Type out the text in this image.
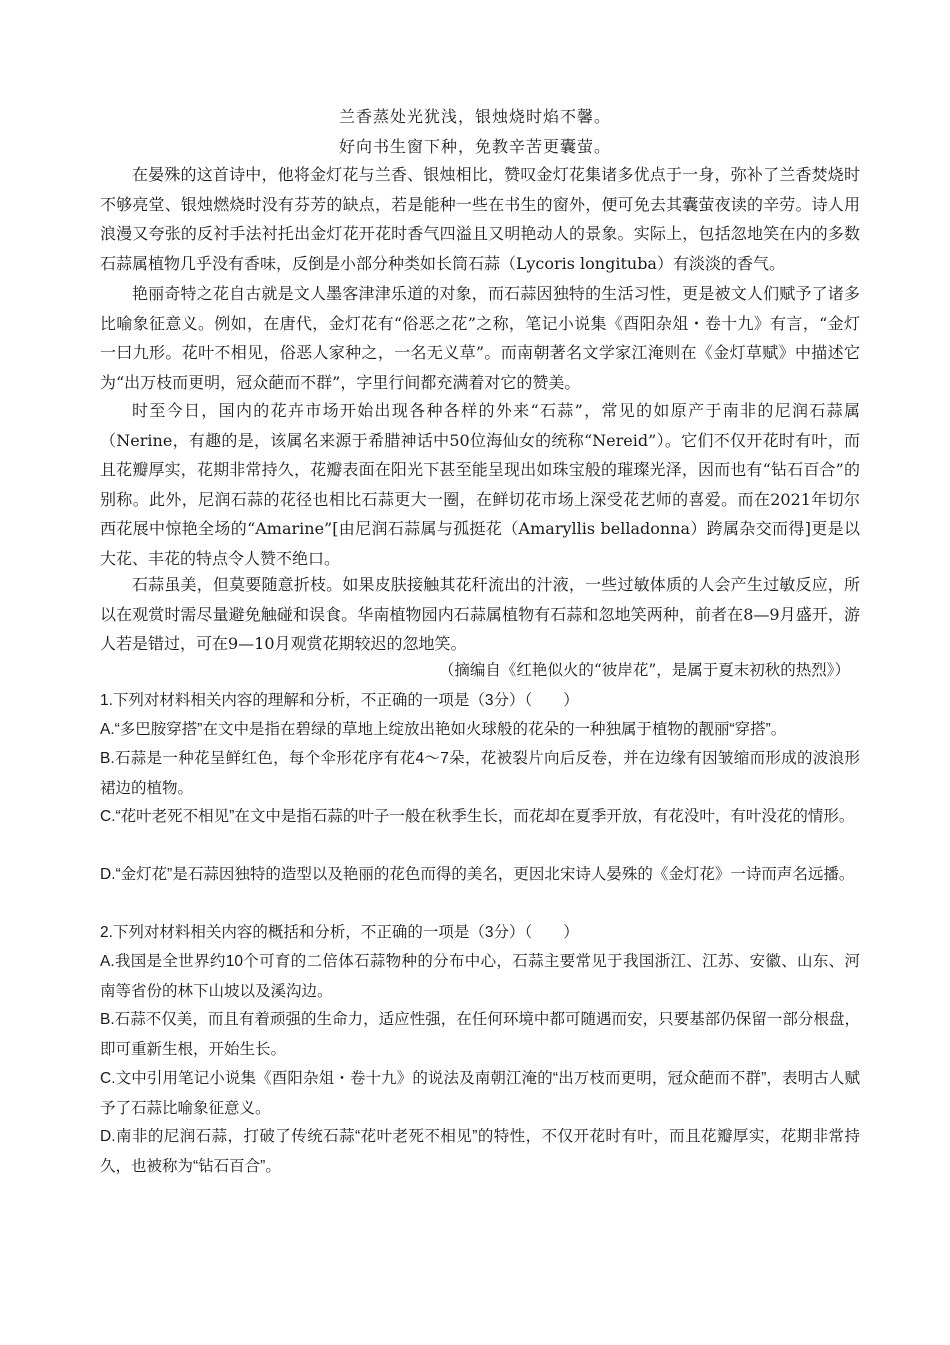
兰香蒸处光犹浅，银烛烧时焰不馨。
好向书生窗下种，免教辛苦更囊萤。
在晏殊的这首诗中，他将金灯花与兰香、银烛相比，赞叹金灯花集诸多优点于一身，弥补了兰香焚烧时不够亮堂、银烛燃烧时没有芬芳的缺点，若是能种一些在书生的窗外，便可免去其囊萤夜读的辛劳。诗人用浪漫又夸张的反衬手法衬托出金灯花开花时香气四溢且又明艳动人的景象。实际上，包括忽地笑在内的多数石蒜属植物几乎没有香味，反倒是小部分种类如长筒石蒜（Lycoris longituba）有淡淡的香气。
艳丽奇特之花自古就是文人墨客津津乐道的对象，而石蒜因独特的生活习性，更是被文人们赋予了诸多比喻象征意义。例如，在唐代，金灯花有“俗恶之花”之称，笔记小说集《酉阳杂俎・卷十九》有言，“金灯一曰九形。花叶不相见，俗恶人家种之，一名无义草”。而南朝著名文学家江淹则在《金灯草赋》中描述它为“出万枝而更明，冠众葩而不群”，字里行间都充满着对它的赞美。
时至今日，国内的花卉市场开始出现各种各样的外来“石蒜”，常见的如原产于南非的尼润石蒜属（Nerine，有趣的是，该属名来源于希腊神话中50位海仙女的统称“Nereid”）。它们不仅开花时有叶，而且花瓣厚实，花期非常持久，花瓣表面在阳光下甚至能呈现出如珠宝般的璀璨光泽，因而也有“钻石百合”的别称。此外，尼润石蒜的花径也相比石蒜更大一圈，在鲜切花市场上深受花艺师的喜爱。而在2021年切尔西花展中惊艳全场的“Amarine”[由尼润石蒜属与孤挺花（Amaryllis belladonna）跨属杂交而得]更是以大花、丰花的特点令人赞不绝口。
石蒜虽美，但莫要随意折枝。如果皮肤接触其花秆流出的汁液，一些过敏体质的人会产生过敏反应，所以在观赏时需尽量避免触碰和误食。华南植物园内石蒜属植物有石蒜和忽地笑两种，前者在8—9月盛开，游人若是错过，可在9—10月观赏花期较迟的忽地笑。
（摘编自《红艳似火的“彼岸花”，是属于夏末初秋的热烈》）
1.下列对材料相关内容的理解和分析，不正确的一项是（3分）（　　）
A.“多巴胺穿搭”在文中是指在碧绿的草地上绽放出艳如火球般的花朵的一种独属于植物的靓丽“穿搭”。
B.石蒜是一种花呈鲜红色，每个伞形花序有花4～7朵，花被裂片向后反卷，并在边缘有因皱缩而形成的波浪形裙边的植物。
C.“花叶老死不相见”在文中是指石蒜的叶子一般在秋季生长，而花却在夏季开放，有花没叶，有叶没花的情形。
D.“金灯花”是石蒜因独特的造型以及艳丽的花色而得的美名，更因北宋诗人晏殊的《金灯花》一诗而声名远播。
2.下列对材料相关内容的概括和分析，不正确的一项是（3分）（　　）
A.我国是全世界约10个可育的二倍体石蒜物种的分布中心，石蒜主要常见于我国浙江、江苏、安徽、山东、河南等省份的林下山坡以及溪沟边。
B.石蒜不仅美，而且有着顽强的生命力，适应性强，在任何环境中都可随遇而安，只要基部仍保留一部分根盘，即可重新生根，开始生长。
C.文中引用笔记小说集《酉阳杂俎・卷十九》的说法及南朝江淹的“出万枝而更明，冠众葩而不群”，表明古人赋予了石蒜比喻象征意义。
D.南非的尼润石蒜，打破了传统石蒜“花叶老死不相见”的特性，不仅开花时有叶，而且花瓣厚实，花期非常持久，也被称为“钻石百合”。
